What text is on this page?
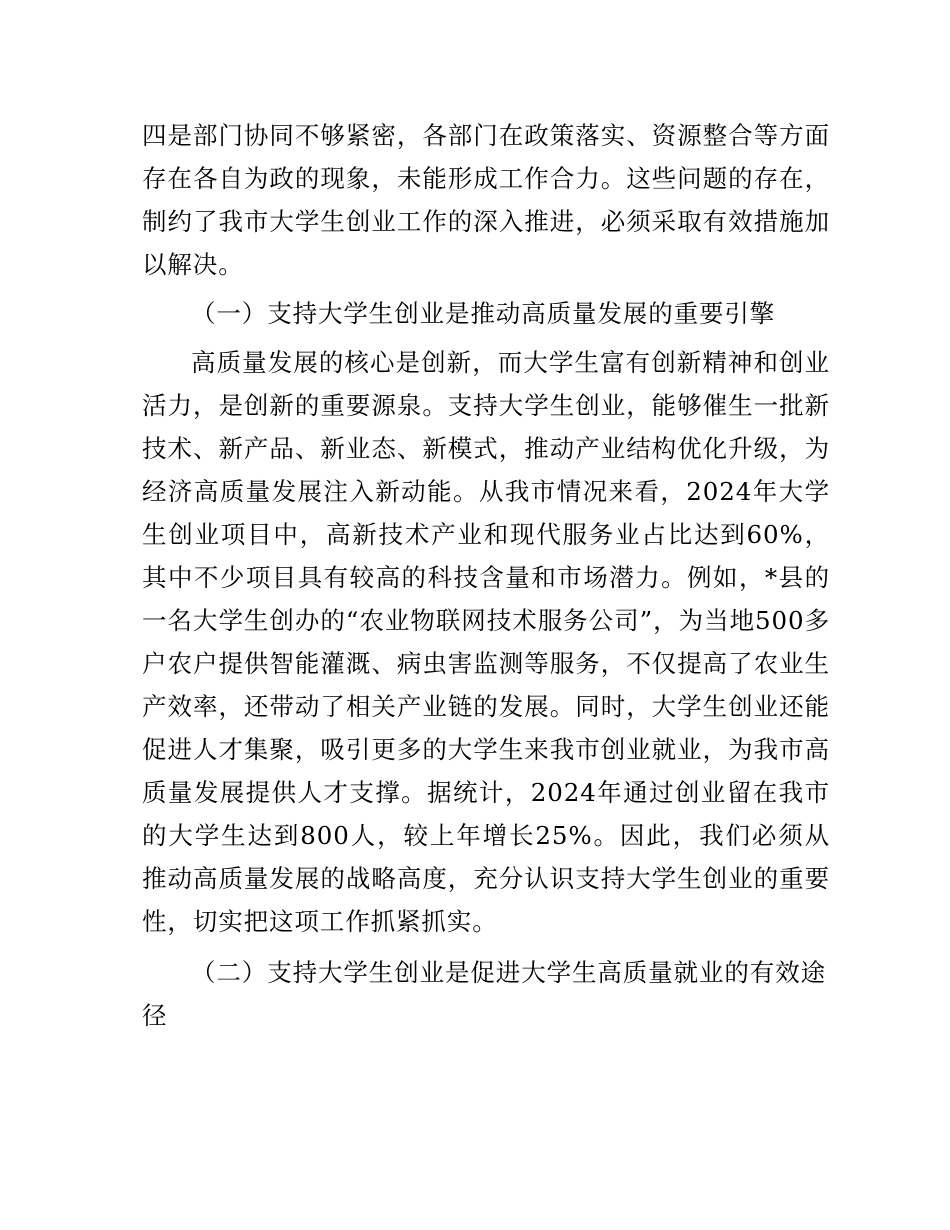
四是部门协同不够紧密，各部门在政策落实、资源整合等方面存在各自为政的现象，未能形成工作合力。这些问题的存在，制约了我市大学生创业工作的深入推进，必须采取有效措施加以解决。

（一）支持大学生创业是推动高质量发展的重要引擎

高质量发展的核心是创新，而大学生富有创新精神和创业活力，是创新的重要源泉。支持大学生创业，能够催生一批新技术、新产品、新业态、新模式，推动产业结构优化升级，为经济高质量发展注入新动能。从我市情况来看，2024年大学生创业项目中，高新技术产业和现代服务业占比达到60%，其中不少项目具有较高的科技含量和市场潜力。例如，*县的一名大学生创办的“农业物联网技术服务公司”，为当地500多户农户提供智能灌溉、病虫害监测等服务，不仅提高了农业生产效率，还带动了相关产业链的发展。同时，大学生创业还能促进人才集聚，吸引更多的大学生来我市创业就业，为我市高质量发展提供人才支撑。据统计，2024年通过创业留在我市的大学生达到800人，较上年增长25%。因此，我们必须从推动高质量发展的战略高度，充分认识支持大学生创业的重要性，切实把这项工作抓紧抓实。

（二）支持大学生创业是促进大学生高质量就业的有效途径
